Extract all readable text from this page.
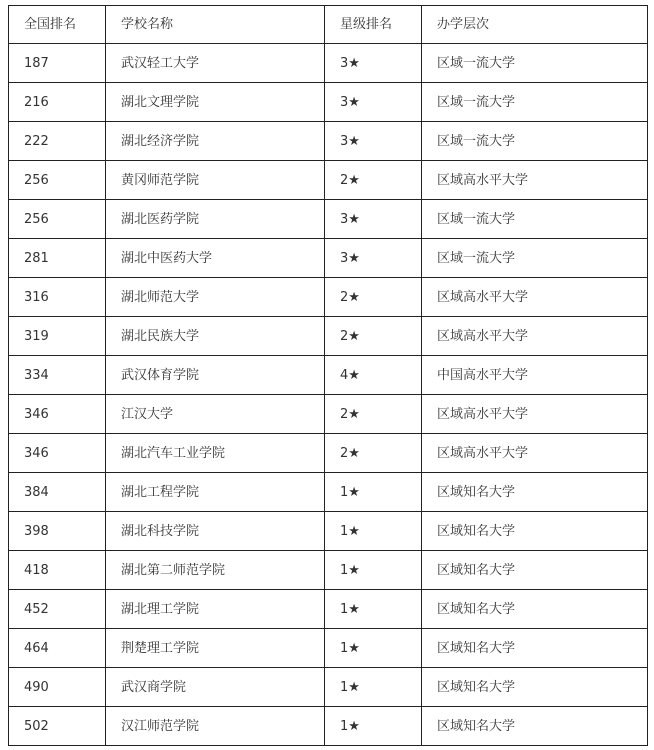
全国排名	学校名称	星级排名	办学层次
187	武汉轻工大学	3★	区域一流大学
216	湖北文理学院	3★	区域一流大学
222	湖北经济学院	3★	区域一流大学
256	黄冈师范学院	2★	区域高水平大学
256	湖北医药学院	3★	区域一流大学
281	湖北中医药大学	3★	区域一流大学
316	湖北师范大学	2★	区域高水平大学
319	湖北民族大学	2★	区域高水平大学
334	武汉体育学院	4★	中国高水平大学
346	江汉大学	2★	区域高水平大学
346	湖北汽车工业学院	2★	区域高水平大学
384	湖北工程学院	1★	区域知名大学
398	湖北科技学院	1★	区域知名大学
418	湖北第二师范学院	1★	区域知名大学
452	湖北理工学院	1★	区域知名大学
464	荆楚理工学院	1★	区域知名大学
490	武汉商学院	1★	区域知名大学
502	汉江师范学院	1★	区域知名大学
